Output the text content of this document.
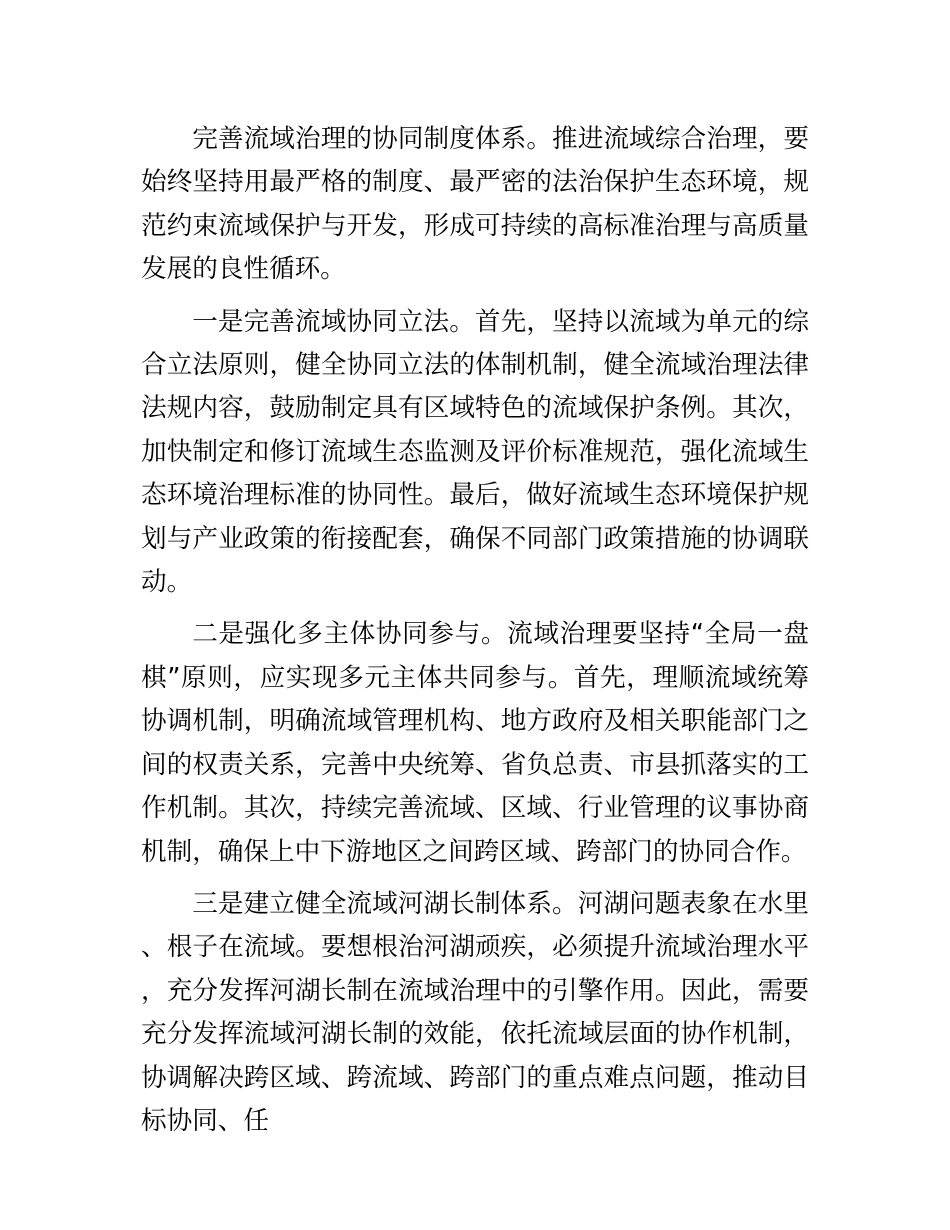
完善流域治理的协同制度体系。推进流域综合治理，要始终坚持用最严格的制度、最严密的法治保护生态环境，规范约束流域保护与开发，形成可持续的高标准治理与高质量发展的良性循环。

一是完善流域协同立法。首先，坚持以流域为单元的综合立法原则，健全协同立法的体制机制，健全流域治理法律法规内容，鼓励制定具有区域特色的流域保护条例。其次，加快制定和修订流域生态监测及评价标准规范，强化流域生态环境治理标准的协同性。最后，做好流域生态环境保护规划与产业政策的衔接配套，确保不同部门政策措施的协调联动。

二是强化多主体协同参与。流域治理要坚持“全局一盘棋”原则，应实现多元主体共同参与。首先，理顺流域统筹协调机制，明确流域管理机构、地方政府及相关职能部门之间的权责关系，完善中央统筹、省负总责、市县抓落实的工作机制。其次，持续完善流域、区域、行业管理的议事协商机制，确保上中下游地区之间跨区域、跨部门的协同合作。

三是建立健全流域河湖长制体系。河湖问题表象在水里、根子在流域。要想根治河湖顽疾，必须提升流域治理水平，充分发挥河湖长制在流域治理中的引擎作用。因此，需要充分发挥流域河湖长制的效能，依托流域层面的协作机制，协调解决跨区域、跨流域、跨部门的重点难点问题，推动目标协同、任
